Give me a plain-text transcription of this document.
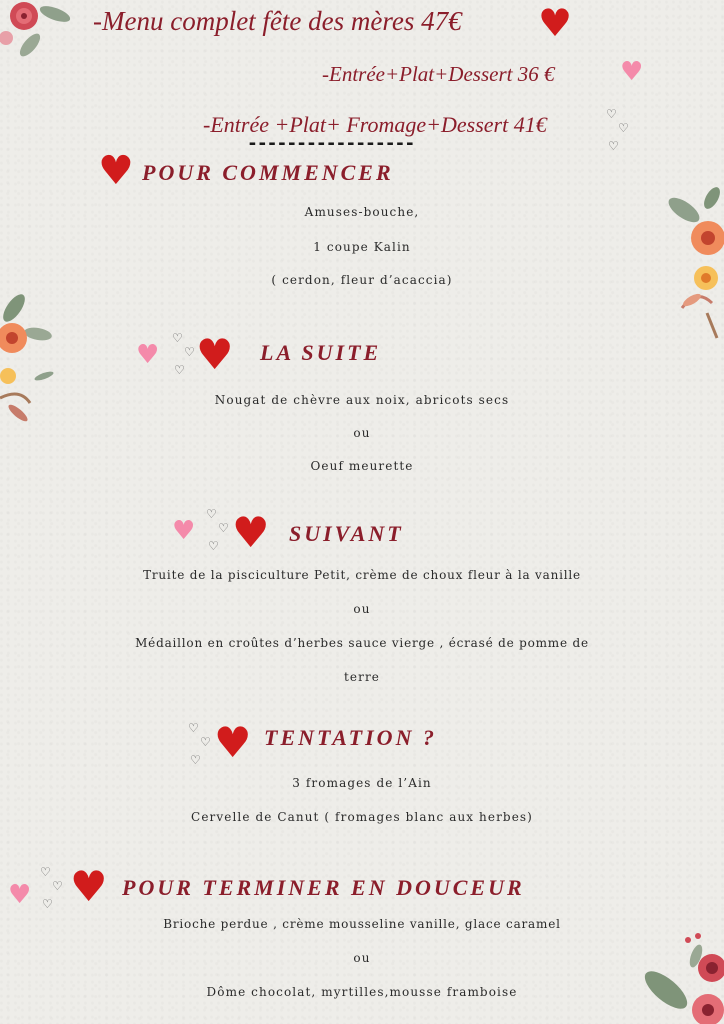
-Menu complet fête des mères 47€ ♥
-Entrée+Plat+Dessert 36 €	♥
-Entrée +Plat+ Fromage+Dessert 41€	♡
♡
♡
-----------------
♥ POUR COMMENCER
Amuses-bouche,
1 coupe Kalin
( cerdon, fleur d’acaccia)
♥
♡
♡
♡ ♥ LA SUITE
Nougat de chèvre aux noix, abricots secs
ou
Oeuf meurette
♥
♡
♡
♡ ♥ SUIVANT
Truite de la pisciculture Petit, crème de choux fleur à la vanille
ou
Médaillon en croûtes d’herbes sauce vierge , écrasé de pomme de
terre
♡
♡
♡ ♥ TENTATION ?
3 fromages de l’Ain
Cervelle de Canut ( fromages blanc aux herbes)
♥
♡
♡
♡ ♥ POUR TERMINER EN DOUCEUR
Brioche perdue , crème mousseline vanille, glace caramel
ou
Dôme chocolat, myrtilles,mousse framboise
